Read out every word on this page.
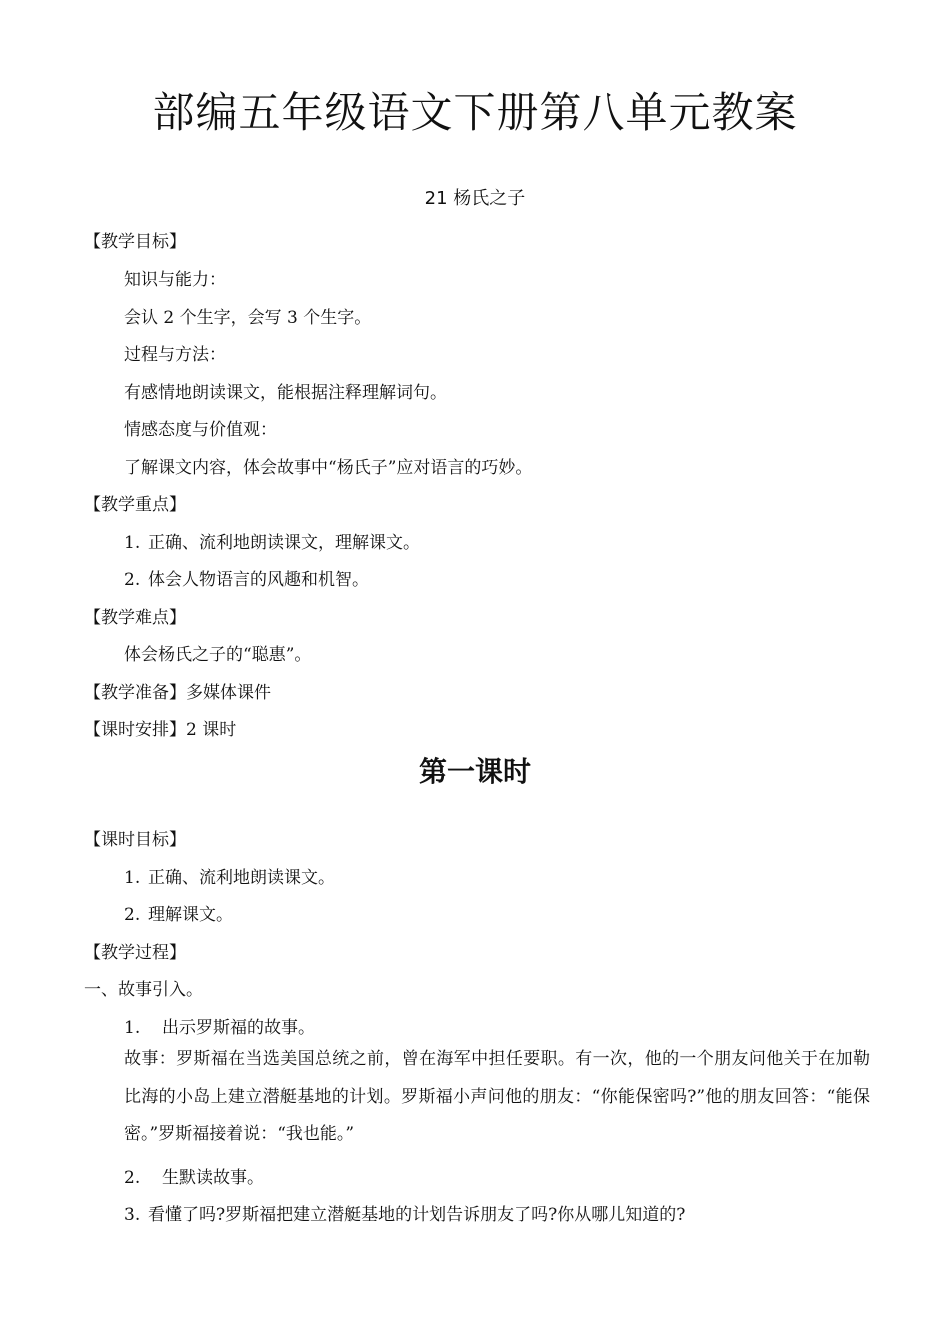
部编五年级语文下册第八单元教案
21 杨氏之子
【教学目标】
知识与能力：
会认 2 个生字，会写 3 个生字。
过程与方法：
有感情地朗读课文，能根据注释理解词句。
情感态度与价值观：
了解课文内容，体会故事中“杨氏子”应对语言的巧妙。
【教学重点】
1. 正确、流利地朗读课文，理解课文。
2. 体会人物语言的风趣和机智。
【教学难点】
体会杨氏之子的“聪惠”。
【教学准备】多媒体课件
【课时安排】2 课时
第一课时
【课时目标】
1. 正确、流利地朗读课文。
2. 理解课文。
【教学过程】
一、故事引入。
1. 出示罗斯福的故事。
故事：罗斯福在当选美国总统之前，曾在海军中担任要职。有一次，他的一个朋友问他关于在加勒比海的小岛上建立潜艇基地的计划。罗斯福小声问他的朋友：“你能保密吗?”他的朋友回答：“能保密。”罗斯福接着说：“我也能。”
2. 生默读故事。
3. 看懂了吗?罗斯福把建立潜艇基地的计划告诉朋友了吗?你从哪儿知道的?
